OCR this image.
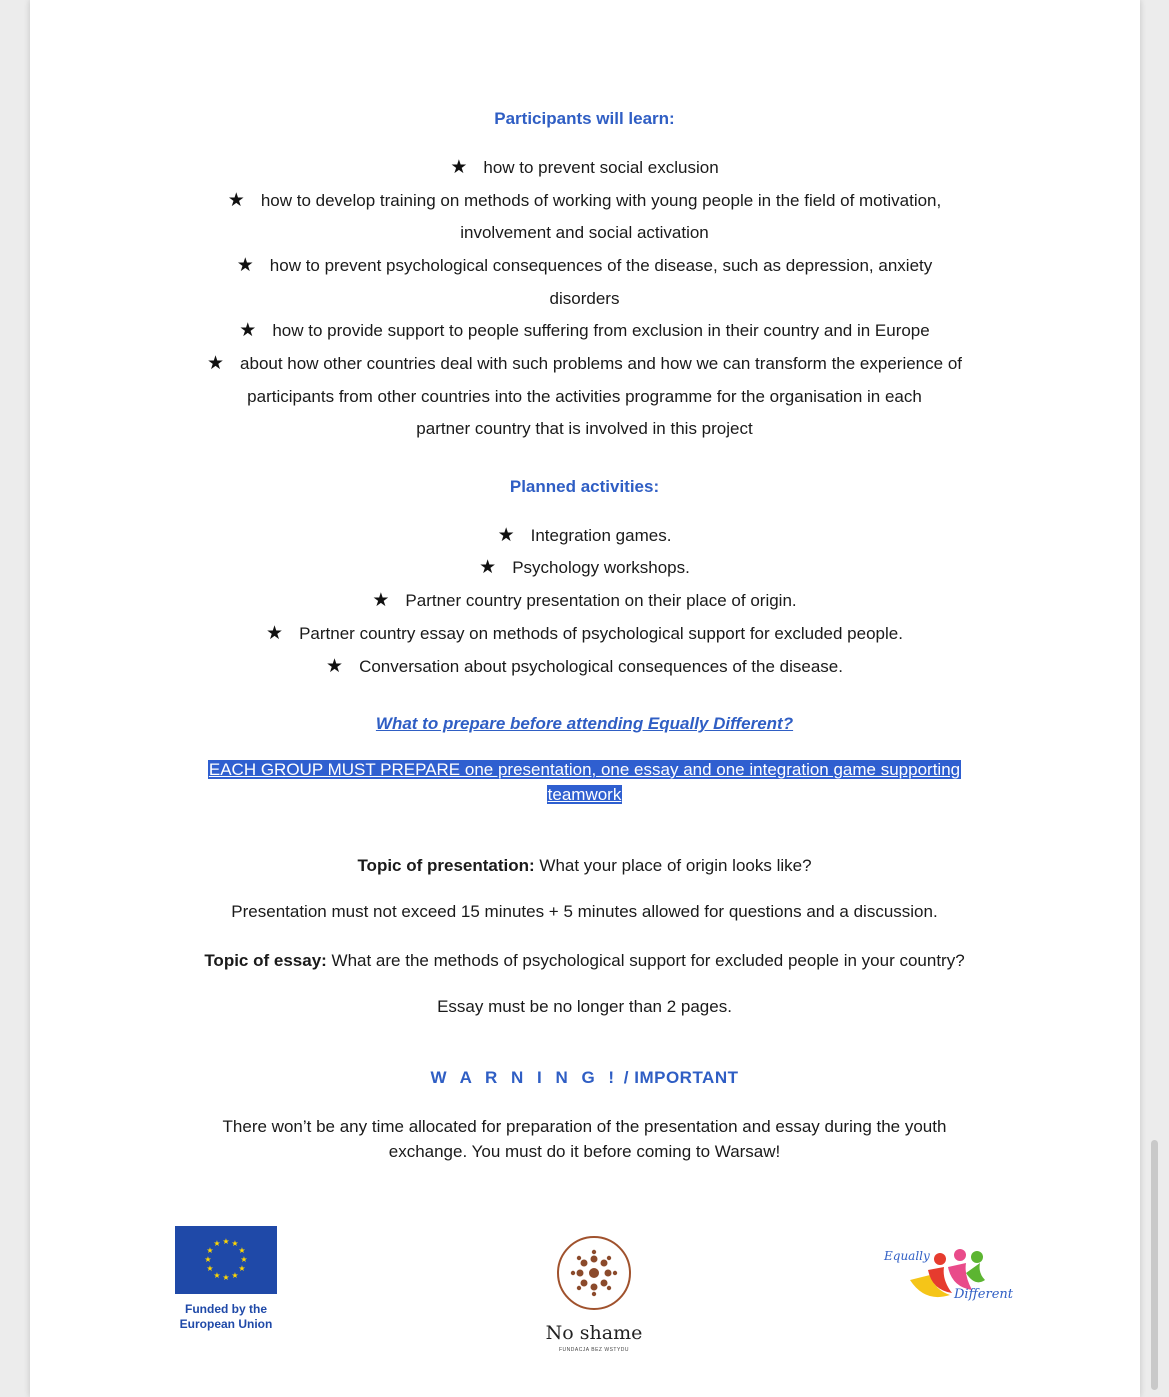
Participants will learn:
★ how to prevent social exclusion
★ how to develop training on methods of working with young people in the field of motivation,
involvement and social activation
★ how to prevent psychological consequences of the disease, such as depression, anxiety
disorders
★ how to provide support to people suffering from exclusion in their country and in Europe
★ about how other countries deal with such problems and how we can transform the experience of
participants from other countries into the activities programme for the organisation in each
partner country that is involved in this project
Planned activities:
★ Integration games.
★ Psychology workshops.
★ Partner country presentation on their place of origin.
★ Partner country essay on methods of psychological support for excluded people.
★ Conversation about psychological consequences of the disease.
What to prepare before attending Equally Different?
EACH GROUP MUST PREPARE one presentation, one essay and one integration game supporting
teamwork
Topic of presentation: What your place of origin looks like?
Presentation must not exceed 15 minutes + 5 minutes allowed for questions and a discussion.
Topic of essay: What are the methods of psychological support for excluded people in your country?
Essay must be no longer than 2 pages.
W A R N I N G ! / IMPORTANT
There won’t be any time allocated for preparation of the presentation and essay during the youth
exchange. You must do it before coming to Warsaw!
★ ★
★
★
★
★
★
★
★
★
★
★
Funded by the
European Union	No shame
FUNDACJA BEZ WSTYDU
Equally
Different
